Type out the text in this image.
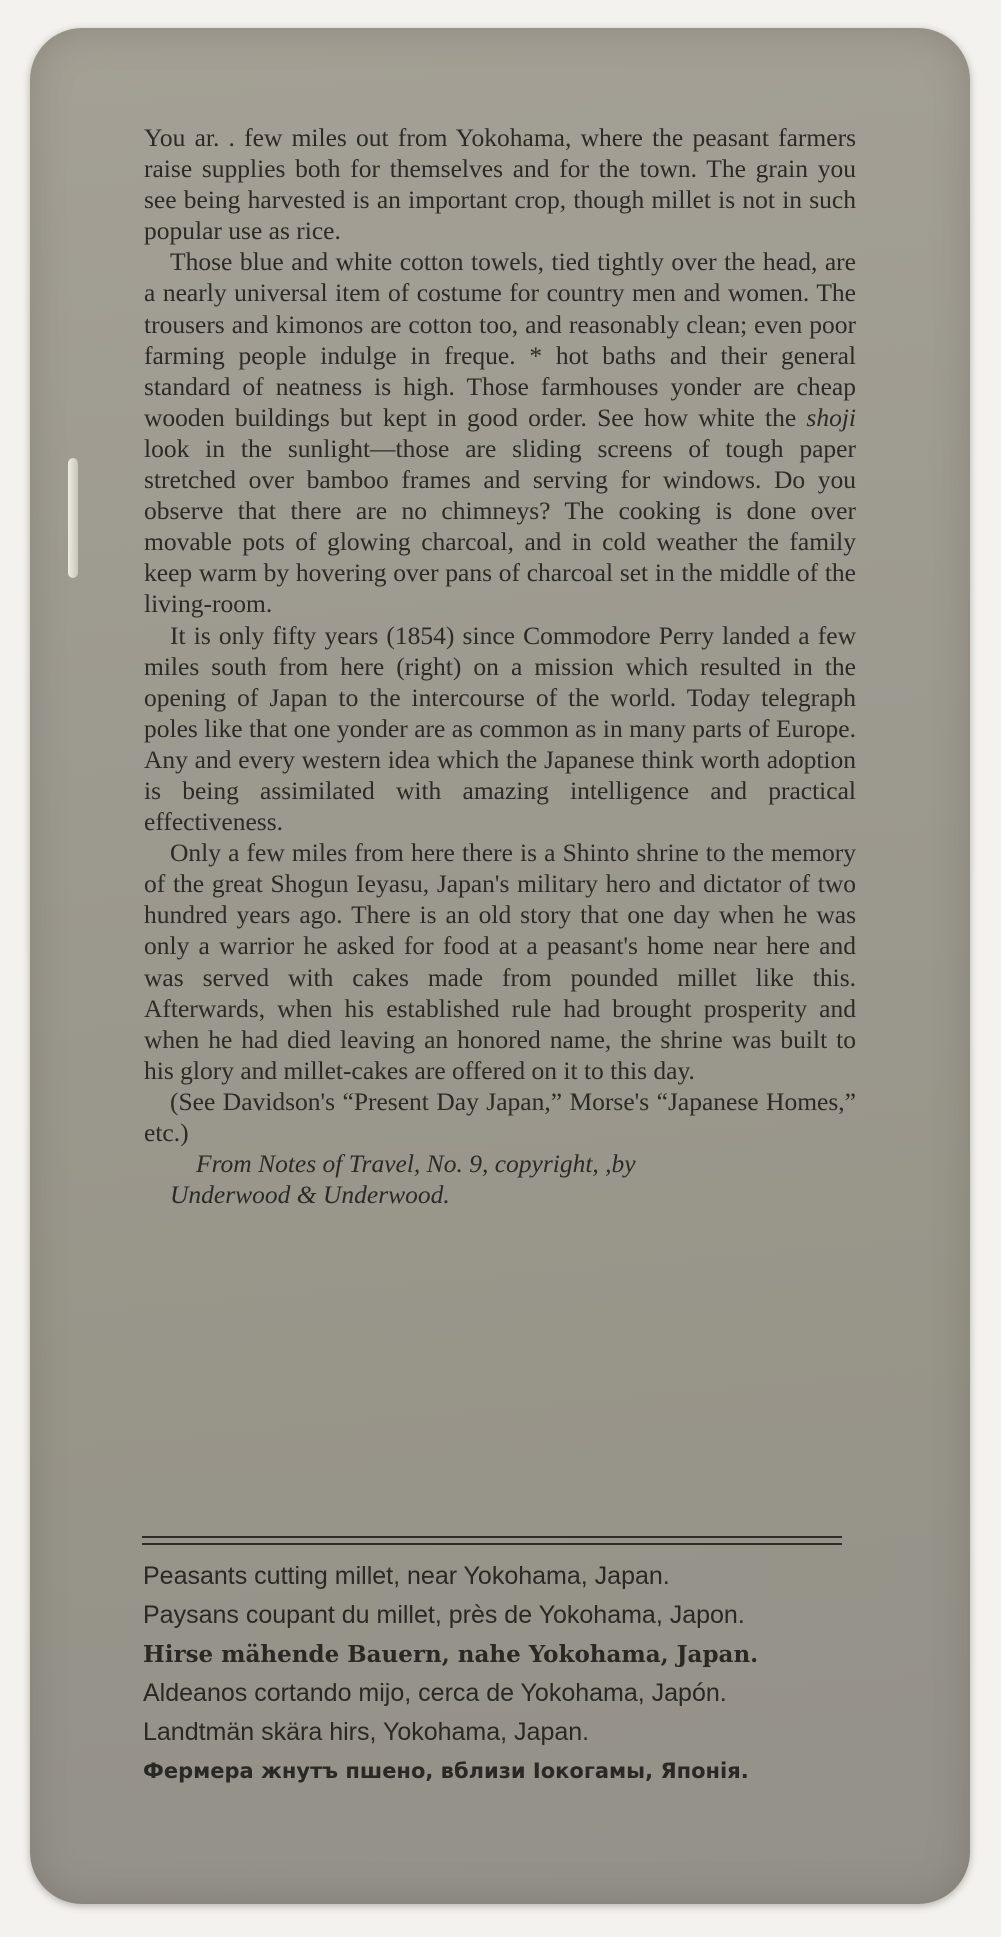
You ar. . few miles out from Yokohama, where the peasant farmers raise supplies both for themselves and for the town. The grain you see being harvested is an important crop, though millet is not in such popular use as rice.

Those blue and white cotton towels, tied tightly over the head, are a nearly universal item of costume for country men and women. The trousers and kimonos are cotton too, and reasonably clean; even poor farming people indulge in freque. * hot baths and their general standard of neatness is high. Those farmhouses yonder are cheap wooden buildings but kept in good order. See how white the shoji look in the sunlight—those are sliding screens of tough paper stretched over bamboo frames and serving for windows. Do you observe that there are no chimneys? The cooking is done over movable pots of glowing charcoal, and in cold weather the family keep warm by hovering over pans of charcoal set in the middle of the living-room.

It is only fifty years (1854) since Commodore Perry landed a few miles south from here (right) on a mission which resulted in the opening of Japan to the intercourse of the world. Today telegraph poles like that one yonder are as common as in many parts of Europe. Any and every western idea which the Japanese think worth adoption is being assimilated with amazing intelligence and practical effectiveness.

Only a few miles from here there is a Shinto shrine to the memory of the great Shogun Ieyasu, Japan's military hero and dictator of two hundred years ago. There is an old story that one day when he was only a warrior he asked for food at a peasant's home near here and was served with cakes made from pounded millet like this. Afterwards, when his established rule had brought prosperity and when he had died leaving an honored name, the shrine was built to his glory and millet-cakes are offered on it to this day.

(See Davidson's “Present Day Japan,” Morse's “Japanese Homes,” etc.)

From Notes of Travel, No. 9, copyright, ,by
Underwood & Underwood.

Peasants cutting millet, near Yokohama, Japan.
Paysans coupant du millet, près de Yokohama, Japon.
Hirse mähende Bauern, nahe Yokohama, Japan.
Aldeanos cortando mijo, cerca de Yokohama, Japón.
Landtmän skära hirs, Yokohama, Japan.
Фермеpа жнутъ пшено, вблизи Іокогамы, Японія.
